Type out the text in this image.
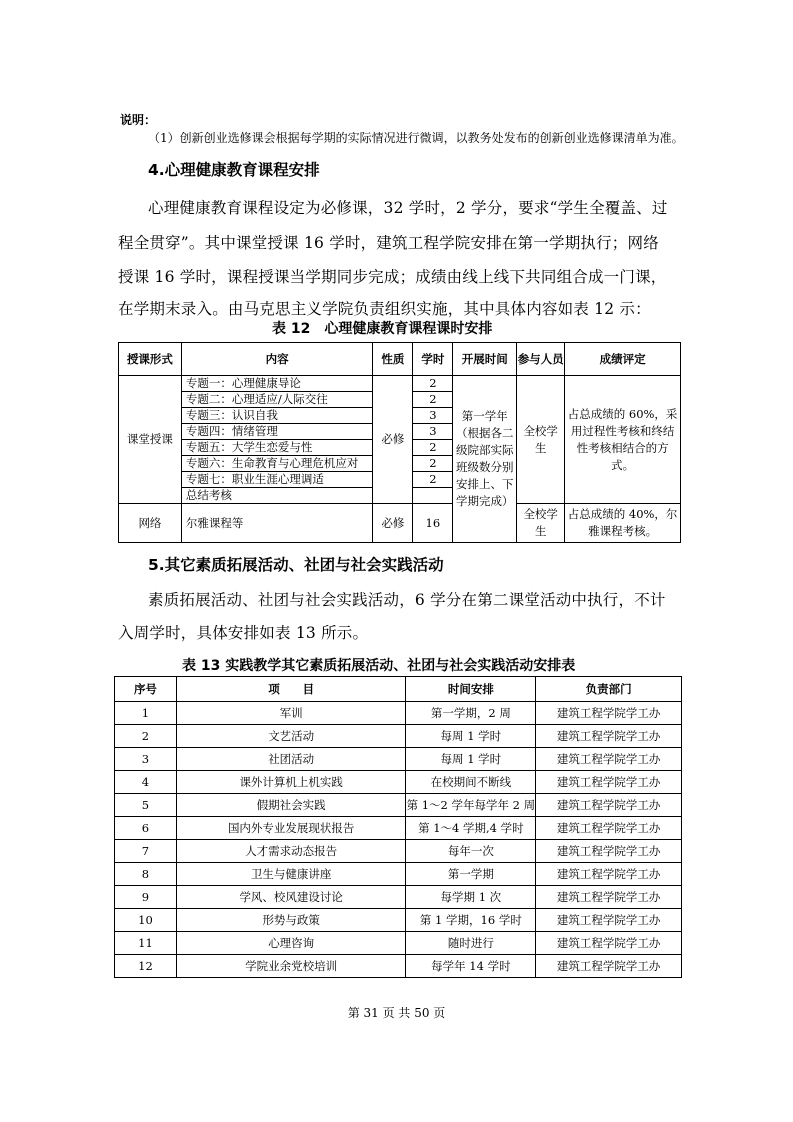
说明：
（1）创新创业选修课会根据每学期的实际情况进行微调，以教务处发布的创新创业选修课清单为准。
4.心理健康教育课程安排
心理健康教育课程设定为必修课，32 学时，2 学分，要求“学生全覆盖、过
程全贯穿”。其中课堂授课 16 学时，建筑工程学院安排在第一学期执行；网络
授课 16 学时，课程授课当学期同步完成；成绩由线上线下共同组合成一门课，
在学期末录入。由马克思主义学院负责组织实施，其中具体内容如表 12 示：
表 12　心理健康教育课程课时安排
授课形式	内容	性质	学时	开展时间	参与人员	成绩评定
课堂授课	专题一：心理健康导论	必修	2	第一学年（根据各二级院部实际班级数分别安排上、下学期完成）	全校学生	占总成绩的 60%，采用过程性考核和终结性考核相结合的方式。
	专题二：心理适应/人际交往		2			
	专题三：认识自我		3			
	专题四：情绪管理		3			
	专题五：大学生恋爱与性		2			
	专题六：生命教育与心理危机应对		2			
	专题七：职业生涯心理调适		2			
	总结考核					
网络	尔雅课程等	必修	16		全校学生	占总成绩的 40%，尔雅课程考核。
5.其它素质拓展活动、社团与社会实践活动
素质拓展活动、社团与社会实践活动，6 学分在第二课堂活动中执行，不计
入周学时，具体安排如表 13 所示。
表 13 实践教学其它素质拓展活动、社团与社会实践活动安排表
序号	项　　目	时间安排	负责部门
1	军训	第一学期，2 周	建筑工程学院学工办
2	文艺活动	每周 1 学时	建筑工程学院学工办
3	社团活动	每周 1 学时	建筑工程学院学工办
4	课外计算机上机实践	在校期间不断线	建筑工程学院学工办
5	假期社会实践	第 1～2 学年每学年 2 周	建筑工程学院学工办
6	国内外专业发展现状报告	第 1～4 学期,4 学时	建筑工程学院学工办
7	人才需求动态报告	每年一次	建筑工程学院学工办
8	卫生与健康讲座	第一学期	建筑工程学院学工办
9	学风、校风建设讨论	每学期 1 次	建筑工程学院学工办
10	形势与政策	第 1 学期，16 学时	建筑工程学院学工办
11	心理咨询	随时进行	建筑工程学院学工办
12	学院业余党校培训	每学年 14 学时	建筑工程学院学工办
第 31 页 共 50 页
